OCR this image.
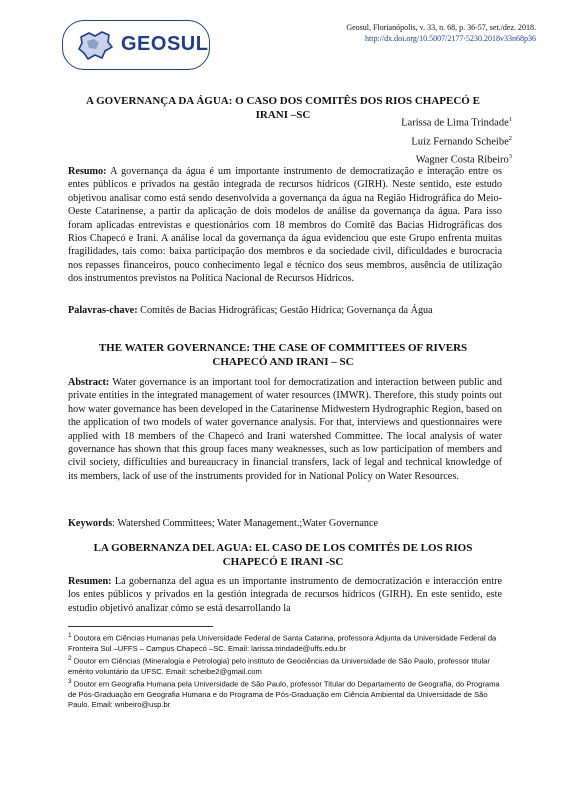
GEOSUL
Geosul, Florianópolis, v. 33, n. 68, p. 36-57, set./dez. 2018.
http://dx.doi.org/10.5007/2177-5230.2018v33n68p36
A GOVERNANÇA DA ÁGUA: O CASO DOS COMITÊS DOS RIOS CHAPECÓ E
IRANI –SC
Larissa de Lima Trindade$^1$
Luiz Fernando Scheibe$^2$
Wagner Costa Ribeiro$^3$
Resumo: A governança da água é um importante instrumento de democratização e interação entre os entes públicos e privados na gestão integrada de recursos hídricos (GIRH). Neste sentido, este estudo objetivou analisar como está sendo desenvolvida a governança da água na Região Hidrográfica do Meio-Oeste Catarinense, a partir da aplicação de dois modelos de análise da governança da água. Para isso foram aplicadas entrevistas e questionários com 18 membros do Comitê das Bacias Hidrográficas dos Rios Chapecó e Irani. A análise local da governança da água evidenciou que este Grupo enfrenta muitas fragilidades, tais como: baixa participação dos membros e da sociedade civil, dificuldades e burocracia nos repasses financeiros, pouco conhecimento legal e técnico dos seus membros, ausência de utilização dos instrumentos previstos na Política Nacional de Recursos Hídricos.
Palavras-chave: Comitês de Bacias Hidrográficas; Gestão Hídrica; Governança da Água
THE WATER GOVERNANCE: THE CASE OF COMMITTEES OF RIVERS
CHAPECÓ AND IRANI – SC
Abstract: Water governance is an important tool for democratization and interaction between public and private entities in the integrated management of water resources (IMWR). Therefore, this study points out how water governance has been developed in the Catarinense Midwestern Hydrographic Region, based on the application of two models of water governance analysis. For that, interviews and questionnaires were applied with 18 members of the Chapecó and Irani watershed Committee. The local analysis of water governance has shown that this group faces many weaknesses, such as low participation of members and civil society, difficulties and bureaucracy in financial transfers, lack of legal and technical knowledge of its members, lack of use of the instruments provided for in National Policy on Water Resources.
Keywords: Watershed Committees; Water Management.;Water Governance
LA GOBERNANZA DEL AGUA: EL CASO DE LOS COMITÉS DE LOS RIOS
CHAPECÓ E IRANI -SC
Resumen: La gobernanza del agua es un importante instrumento de democratización e interacción entre los entes públicos y privados en la gestión integrada de recursos hídricos (GIRH). En este sentido, este estudio objetivó analizar cómo se está desarrollando la
$^1$ Doutora em Ciências Humanas pela Universidade Federal de Santa Catarina, professora Adjunta da Universidade Federal da Fronteira Sul –UFFS – Campus Chapecó –SC. Email: larissa.trindade@uffs.edu.br
$^2$ Doutor em Ciências (Mineralogia e Petrologia) pelo instituto de Geociências da Universidade de São Paulo, professor titular emérito voluntário da UFSC. Email: scheibe2@gmail.com
$^3$ Doutor em Geografia Humana pela Universidade de São Paulo, professor Titular do Departamento de Geografia, do Programa de Pós-Graduação em Geografia Humana e do Programa de Pós-Graduação em Ciência Ambiental da Universidade de São Paulo. Email: wribeiro@usp.br
